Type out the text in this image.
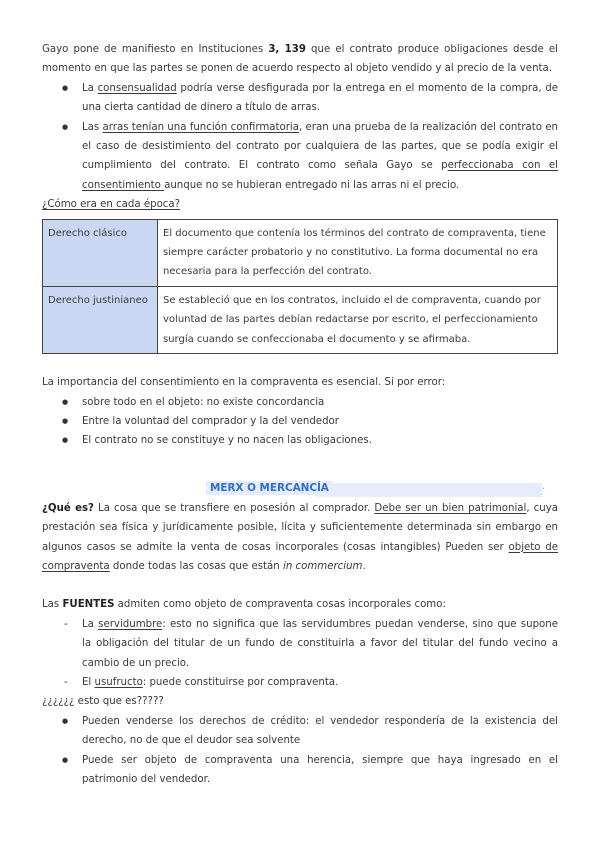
Gayo pone de manifiesto en Instituciones 3, 139 que el contrato produce obligaciones desde el momento en que las partes se ponen de acuerdo respecto al objeto vendido y al precio de la venta.

● La consensualidad podría verse desfigurada por la entrega en el momento de la compra, de una cierta cantidad de dinero a título de arras.
● Las arras tenían una función confirmatoria, eran una prueba de la realización del contrato en el caso de desistimiento del contrato por cualquiera de las partes, que se podía exigir el cumplimiento del contrato. El contrato como señala Gayo se perfeccionaba con el consentimiento aunque no se hubieran entregado ni las arras ni el precio.

¿Cómo era en cada época?

Derecho clásico	El documento que contenía los términos del contrato de compraventa, tiene siempre carácter probatorio y no constitutivo. La forma documental no era necesaria para la perfección del contrato.
Derecho justinianeo	Se estableció que en los contratos, incluido el de compraventa, cuando por voluntad de las partes debían redactarse por escrito, el perfeccionamiento surgía cuando se confeccionaba el documento y se afirmaba.

La importancia del consentimiento en la compraventa es esencial. Si por error:

● sobre todo en el objeto: no existe concordancia
● Entre la voluntad del comprador y la del vendedor
● El contrato no se constituye y no nacen las obligaciones.
MERX O MERCANCÍA	.

¿Qué es? La cosa que se transfiere en posesión al comprador. Debe ser un bien patrimonial, cuya prestación sea física y jurídicamente posible, lícita y suficientemente determinada sin embargo en algunos casos se admite la venta de cosas incorporales (cosas intangibles) Pueden ser objeto de compraventa donde todas las cosas que están in commercium.

Las FUENTES admiten como objeto de compraventa cosas incorporales como:

- La servidumbre: esto no significa que las servidumbres puedan venderse, sino que supone la obligación del titular de un fundo de constituirla a favor del titular del fundo vecino a cambio de un precio.
- El usufructo: puede constituirse por compraventa.

¿¿¿¿¿¿ esto que es?????

● Pueden venderse los derechos de crédito: el vendedor respondería de la existencia del derecho, no de que el deudor sea solvente
● Puede ser objeto de compraventa una herencia, siempre que haya ingresado en el patrimonio del vendedor.
